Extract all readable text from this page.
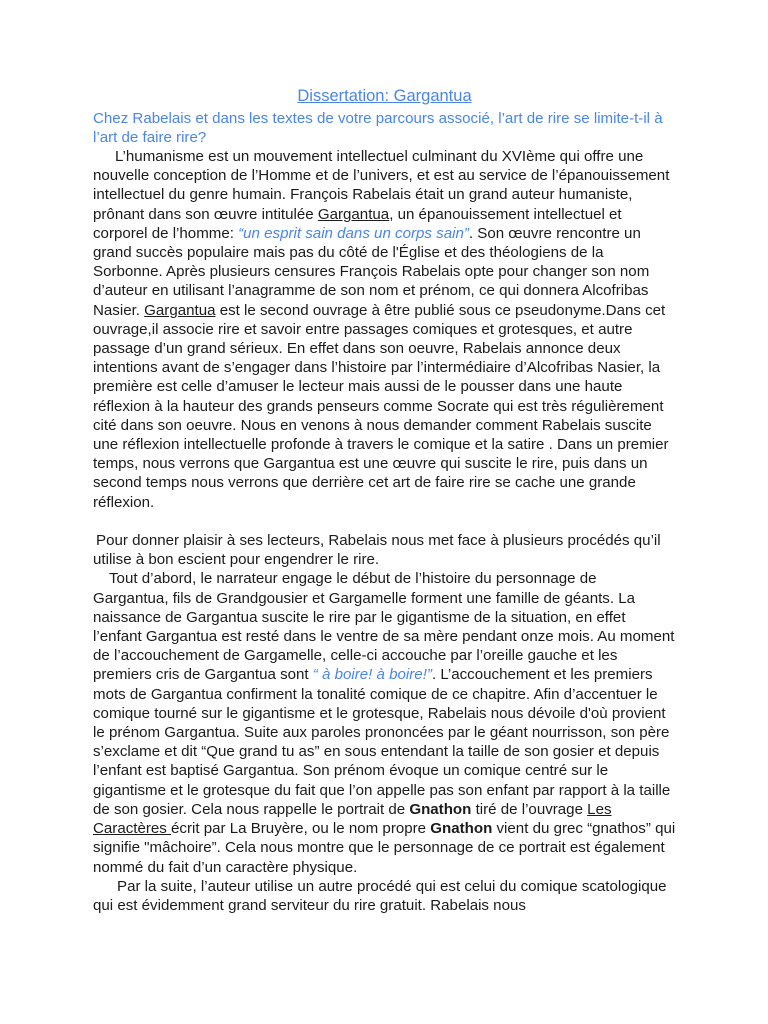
Dissertation: Gargantua
Chez Rabelais et dans les textes de votre parcours associé, l’art de rire se limite-t-il à l’art de faire rire?

L’humanisme est un mouvement intellectuel culminant du XVIème qui offre une nouvelle conception de l’Homme et de l’univers, et est au service de l’épanouissement intellectuel du genre humain. François Rabelais était un grand auteur humaniste, prônant dans son œuvre intitulée Gargantua, un épanouissement intellectuel et corporel de l’homme: “un esprit sain dans un corps sain”. Son œuvre rencontre un grand succès populaire mais pas du côté de l'Église et des théologiens de la Sorbonne. Après plusieurs censures François Rabelais opte pour changer son nom d’auteur en utilisant l’anagramme de son nom et prénom, ce qui donnera Alcofribas Nasier. Gargantua est le second ouvrage à être publié sous ce pseudonyme.Dans cet ouvrage,il associe rire et savoir entre passages comiques et grotesques, et autre passage d’un grand sérieux. En effet dans son oeuvre, Rabelais annonce deux intentions avant de s’engager dans l’histoire par l’intermédiaire d’Alcofribas Nasier, la première est celle d’amuser le lecteur mais aussi de le pousser dans une haute réflexion à la hauteur des grands penseurs comme Socrate qui est très régulièrement cité dans son oeuvre. Nous en venons à nous demander comment Rabelais suscite une réflexion intellectuelle profonde à travers le comique et la satire . Dans un premier temps, nous verrons que Gargantua est une œuvre qui suscite le rire, puis dans un second temps nous verrons que derrière cet art de faire rire se cache une grande réflexion.

Pour donner plaisir à ses lecteurs, Rabelais nous met face à plusieurs procédés qu’il utilise à bon escient pour engendrer le rire.

Tout d’abord, le narrateur engage le début de l’histoire du personnage de Gargantua, fils de Grandgousier et Gargamelle forment une famille de géants. La naissance de Gargantua suscite le rire par le gigantisme de la situation, en effet l’enfant Gargantua est resté dans le ventre de sa mère pendant onze mois. Au moment de l’accouchement de Gargamelle, celle-ci accouche par l’oreille gauche et les premiers cris de Gargantua sont “ à boire! à boire!”. L’accouchement et les premiers mots de Gargantua confirment la tonalité comique de ce chapitre. Afin d’accentuer le comique tourné sur le gigantisme et le grotesque, Rabelais nous dévoile d'où provient le prénom Gargantua. Suite aux paroles prononcées par le géant nourrisson, son père s’exclame et dit “Que grand tu as” en sous entendant la taille de son gosier et depuis l’enfant est baptisé Gargantua. Son prénom évoque un comique centré sur le gigantisme et le grotesque du fait que l’on appelle pas son enfant par rapport à la taille de son gosier. Cela nous rappelle le portrait de Gnathon tiré de l’ouvrage Les Caractères écrit par La Bruyère, ou le nom propre Gnathon vient du grec “gnathos” qui signifie "mâchoire”. Cela nous montre que le personnage de ce portrait est également nommé du fait d’un caractère physique.

Par la suite, l’auteur utilise un autre procédé qui est celui du comique scatologique qui est évidemment grand serviteur du rire gratuit. Rabelais nous
